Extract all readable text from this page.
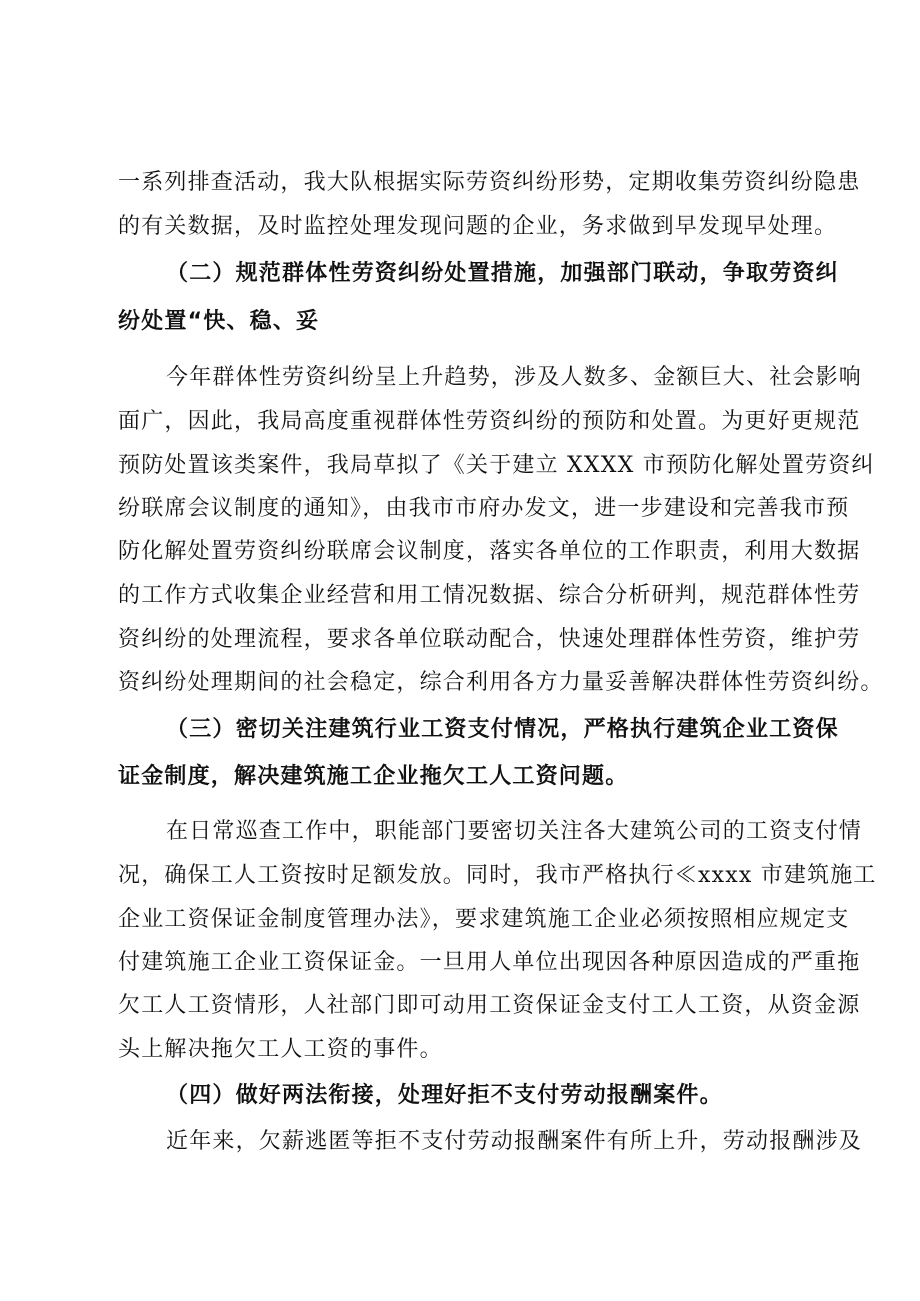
一系列排查活动，我大队根据实际劳资纠纷形势，定期收集劳资纠纷隐患
的有关数据，及时监控处理发现问题的企业，务求做到早发现早处理。
（二）规范群体性劳资纠纷处置措施，加强部门联动，争取劳资纠
纷处置“快、稳、妥
今年群体性劳资纠纷呈上升趋势，涉及人数多、金额巨大、社会影响
面广，因此，我局高度重视群体性劳资纠纷的预防和处置。为更好更规范
预防处置该类案件，我局草拟了《关于建立 XXXX 市预防化解处置劳资纠
纷联席会议制度的通知》，由我市市府办发文，进一步建设和完善我市预
防化解处置劳资纠纷联席会议制度，落实各单位的工作职责，利用大数据
的工作方式收集企业经营和用工情况数据、综合分析研判，规范群体性劳
资纠纷的处理流程，要求各单位联动配合，快速处理群体性劳资，维护劳
资纠纷处理期间的社会稳定，综合利用各方力量妥善解决群体性劳资纠纷。
（三）密切关注建筑行业工资支付情况，严格执行建筑企业工资保
证金制度，解决建筑施工企业拖欠工人工资问题。
在日常巡查工作中，职能部门要密切关注各大建筑公司的工资支付情
况，确保工人工资按时足额发放。同时，我市严格执行≪xxxx 市建筑施工
企业工资保证金制度管理办法》，要求建筑施工企业必须按照相应规定支
付建筑施工企业工资保证金。一旦用人单位出现因各种原因造成的严重拖
欠工人工资情形，人社部门即可动用工资保证金支付工人工资，从资金源
头上解决拖欠工人工资的事件。
（四）做好两法衔接，处理好拒不支付劳动报酬案件。
近年来，欠薪逃匿等拒不支付劳动报酬案件有所上升，劳动报酬涉及
